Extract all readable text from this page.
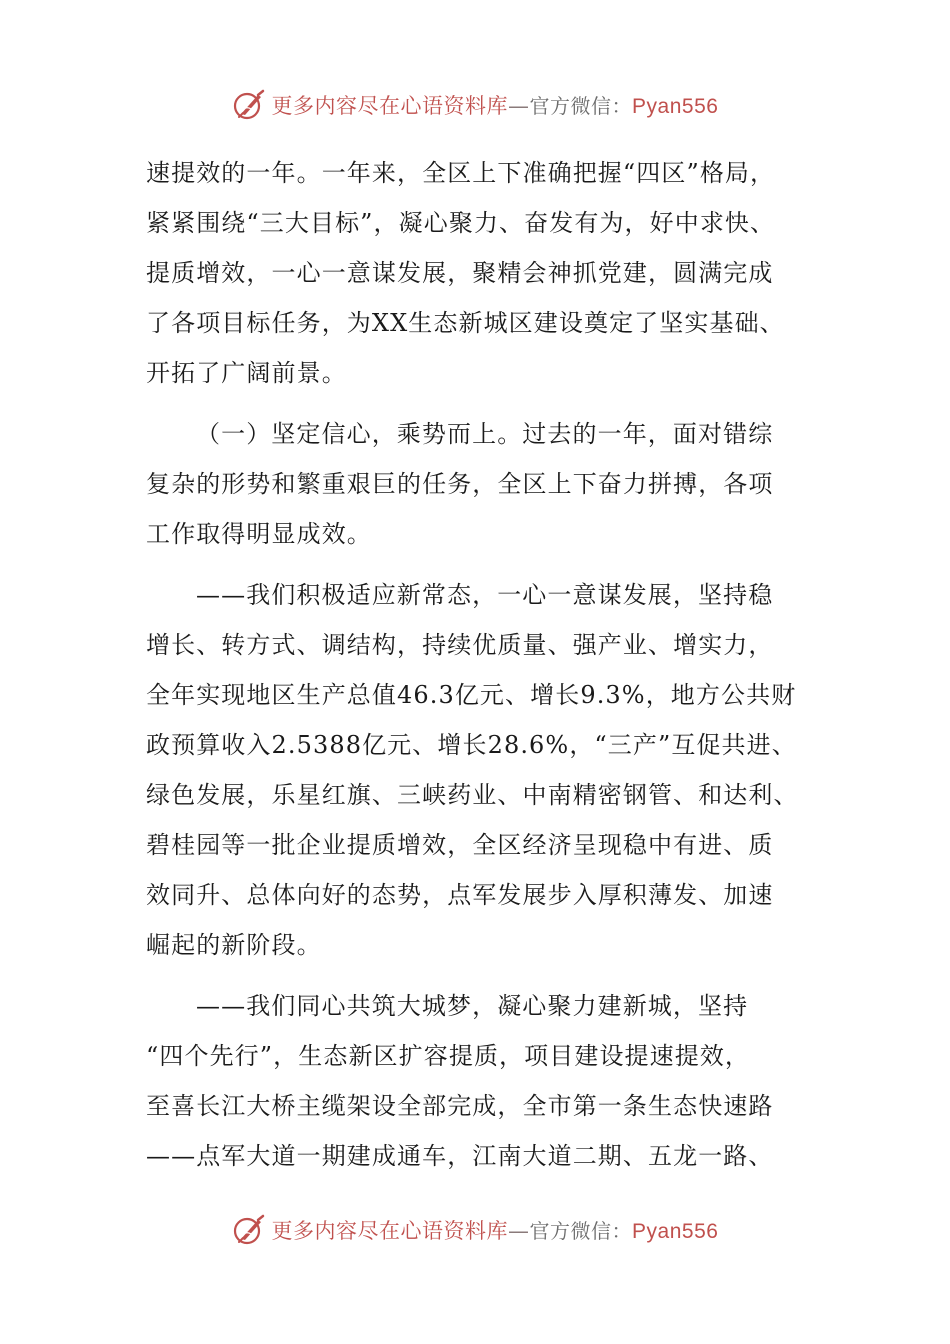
更多内容尽在心语资料库 — 官方微信： Pyan556
速提效的一年。一年来，全区上下准确把握“四区”格局，
紧紧围绕“三大目标”，凝心聚力、奋发有为，好中求快、
提质增效，一心一意谋发展，聚精会神抓党建，圆满完成
了各项目标任务，为XX生态新城区建设奠定了坚实基础、
开拓了广阔前景。
（一）坚定信心，乘势而上。过去的一年，面对错综
复杂的形势和繁重艰巨的任务，全区上下奋力拼搏，各项
工作取得明显成效。
——我们积极适应新常态，一心一意谋发展，坚持稳
增长、转方式、调结构，持续优质量、强产业、增实力，
全年实现地区生产总值46.3亿元、增长9.3%，地方公共财
政预算收入2.5388亿元、增长28.6%，“三产”互促共进、
绿色发展，乐星红旗、三峡药业、中南精密钢管、和达利、
碧桂园等一批企业提质增效，全区经济呈现稳中有进、质
效同升、总体向好的态势，点军发展步入厚积薄发、加速
崛起的新阶段。
——我们同心共筑大城梦，凝心聚力建新城，坚持
“四个先行”，生态新区扩容提质，项目建设提速提效，
至喜长江大桥主缆架设全部完成，全市第一条生态快速路
——点军大道一期建成通车，江南大道二期、五龙一路、
更多内容尽在心语资料库 — 官方微信： Pyan556
